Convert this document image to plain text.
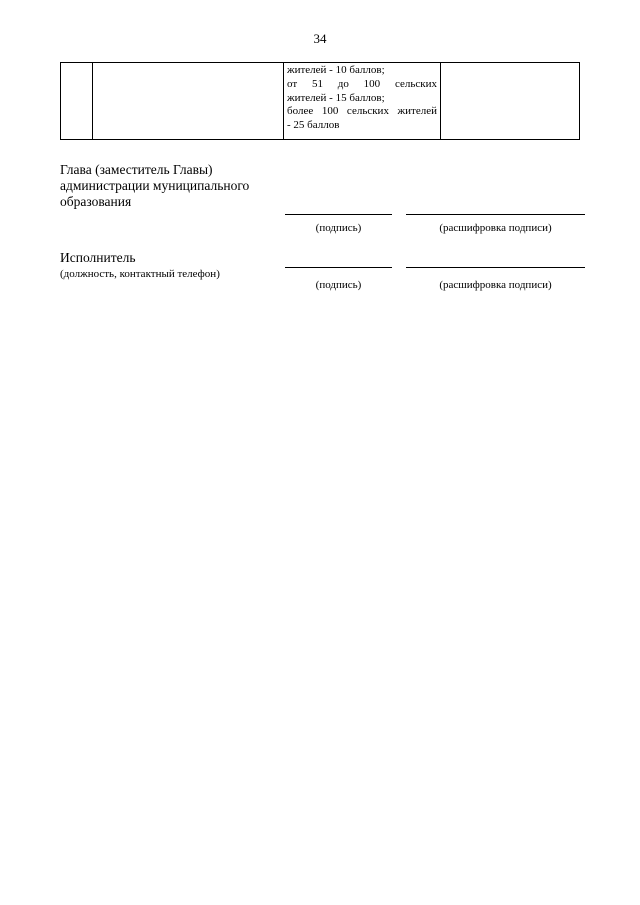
34
жителей - 10 баллов;
от 51 до 100 сельских
жителей - 15 баллов;
более 100 сельских жителей
- 25 баллов
Глава (заместитель Главы)
администрации муниципального
образования
(подпись)	(расшифровка подписи)
Исполнитель
(должность, контактный телефон)
(подпись)	(расшифровка подписи)
